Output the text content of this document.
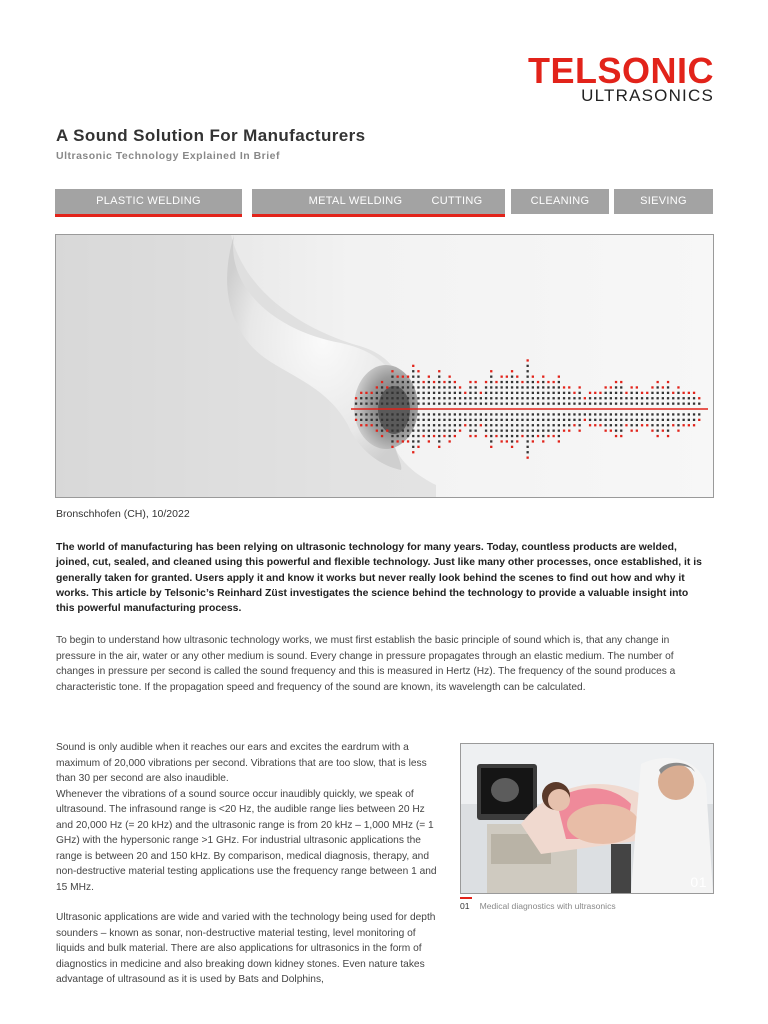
TELSONIC
ULTRASONICS
A Sound Solution For Manufacturers
Ultrasonic Technology Explained In Brief
PLASTIC WELDING	METAL WELDING	CUTTING	CLEANING	SIEVING

Bronschhofen (CH), 10/2022

The world of manufacturing has been relying on ultrasonic technology for many years. Today, countless products are welded, joined, cut, sealed, and cleaned using this powerful and flexible technology. Just like many other processes, once established, it is generally taken for granted. Users apply it and know it works but never really look behind the scenes to find out how and why it works. This article by Telsonic’s Reinhard Züst investigates the science behind the technology to provide a valuable insight into this powerful manufacturing process.

To begin to understand how ultrasonic technology works, we must first establish the basic principle of sound which is, that any change in pressure in the air, water or any other medium is sound. Every change in pressure propagates through an elastic medium. The number of changes in pressure per second is called the sound frequency and this is measured in Hertz (Hz). The frequency of the sound produces a characteristic tone. If the propagation speed and frequency of the sound are known, its wavelength can be calculated.

Sound is only audible when it reaches our ears and excites the eardrum with a maximum of 20,000 vibrations per second. Vibrations that are too slow, that is less than 30 per second are also inaudible.

Whenever the vibrations of a sound source occur inaudibly quickly, we speak of ultrasound. The infrasound range is <20 Hz, the audible range lies between 20 Hz and 20,000 Hz (= 20 kHz) and the ultrasonic range is from 20 kHz – 1,000 MHz (= 1 GHz) with the hypersonic range >1 GHz. For industrial ultrasonic applications the range is between 20 and 150 kHz. By comparison, medical diagnosis, therapy, and non-destructive material testing applications use the frequency range between 1 and 15 MHz.

Ultrasonic applications are wide and varied with the technology being used for depth sounders – known as sonar, non-destructive material testing, level monitoring of liquids and bulk material. There are also applications for ultrasonics in the form of diagnostics in medicine and also breaking down kidney stones. Even nature takes advantage of ultrasound as it is used by Bats and Dolphins,

01
01 Medical diagnostics with ultrasonics
